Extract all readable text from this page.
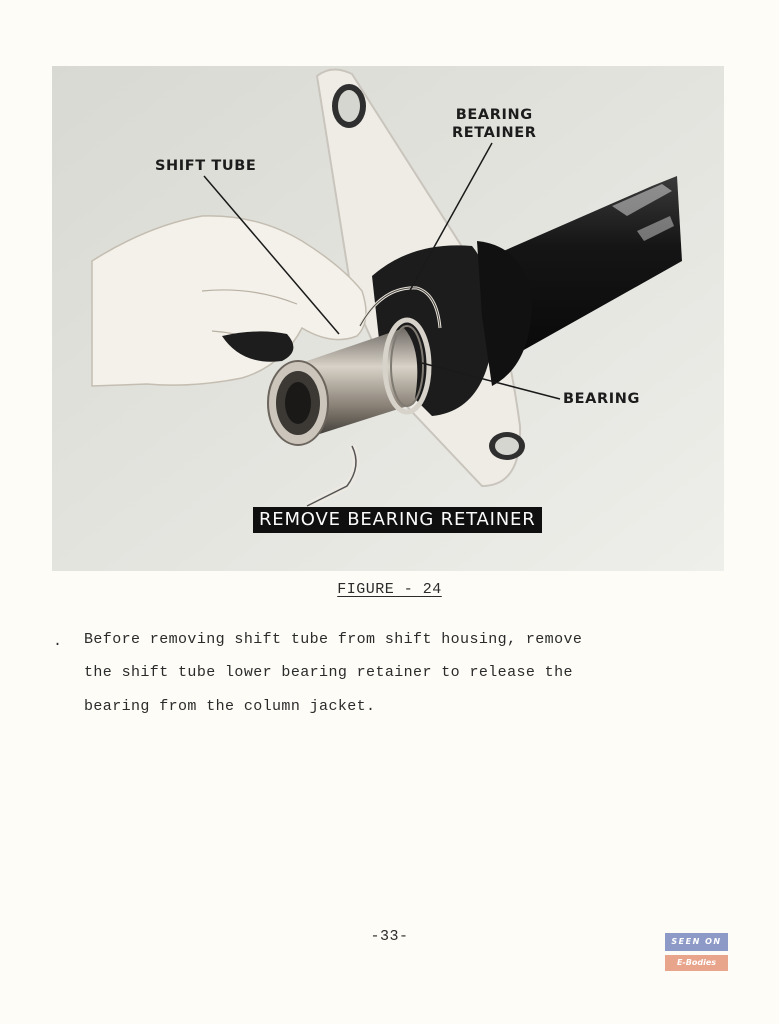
BEARING
RETAINER
SHIFT TUBE
BEARING
REMOVE BEARING RETAINER
FIGURE - 24
. Before removing shift tube from shift housing, remove
the shift tube lower bearing retainer to release the
bearing from the column jacket.
-33-	SEEN ON
E-Bodies
